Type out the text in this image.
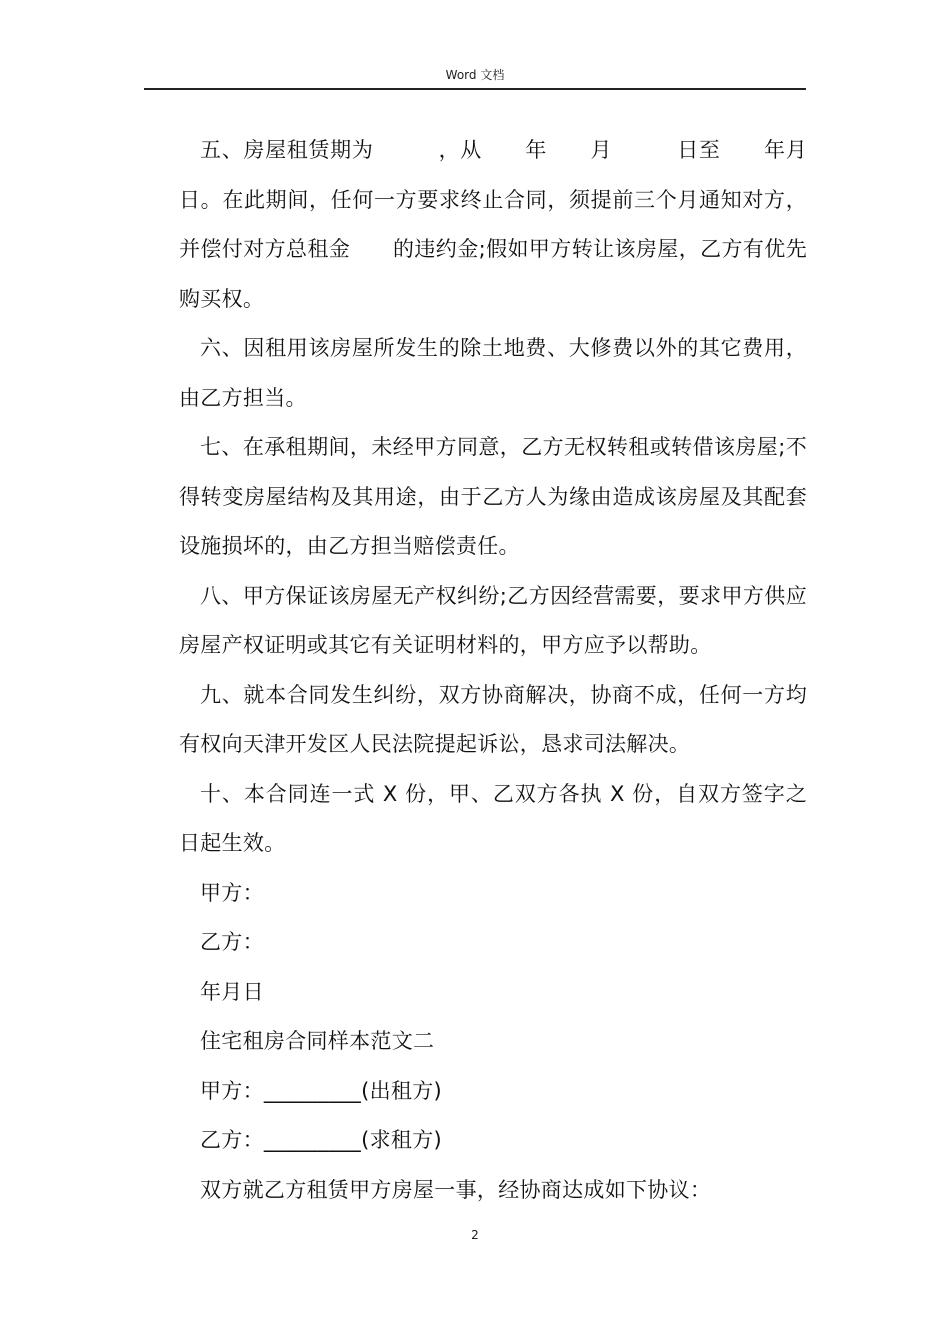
Word 文档

五、房屋租赁期为　　　，从　　年　　月　　　日至　　年月　　日。在此期间，任何一方要求终止合同，须提前三个月通知对方，并偿付对方总租金　　的违约金;假如甲方转让该房屋，乙方有优先购买权。

六、因租用该房屋所发生的除土地费、大修费以外的其它费用，由乙方担当。

七、在承租期间，未经甲方同意，乙方无权转租或转借该房屋;不得转变房屋结构及其用途，由于乙方人为缘由造成该房屋及其配套设施损坏的，由乙方担当赔偿责任。

八、甲方保证该房屋无产权纠纷;乙方因经营需要，要求甲方供应房屋产权证明或其它有关证明材料的，甲方应予以帮助。

九、就本合同发生纠纷，双方协商解决，协商不成，任何一方均有权向天津开发区人民法院提起诉讼，恳求司法解决。

十、本合同连一式 X 份，甲、乙双方各执 X 份，自双方签字之日起生效。

甲方：

乙方：

年月日

住宅租房合同样本范文二

甲方：_________(出租方)

乙方：_________(求租方)

双方就乙方租赁甲方房屋一事，经协商达成如下协议：

2
